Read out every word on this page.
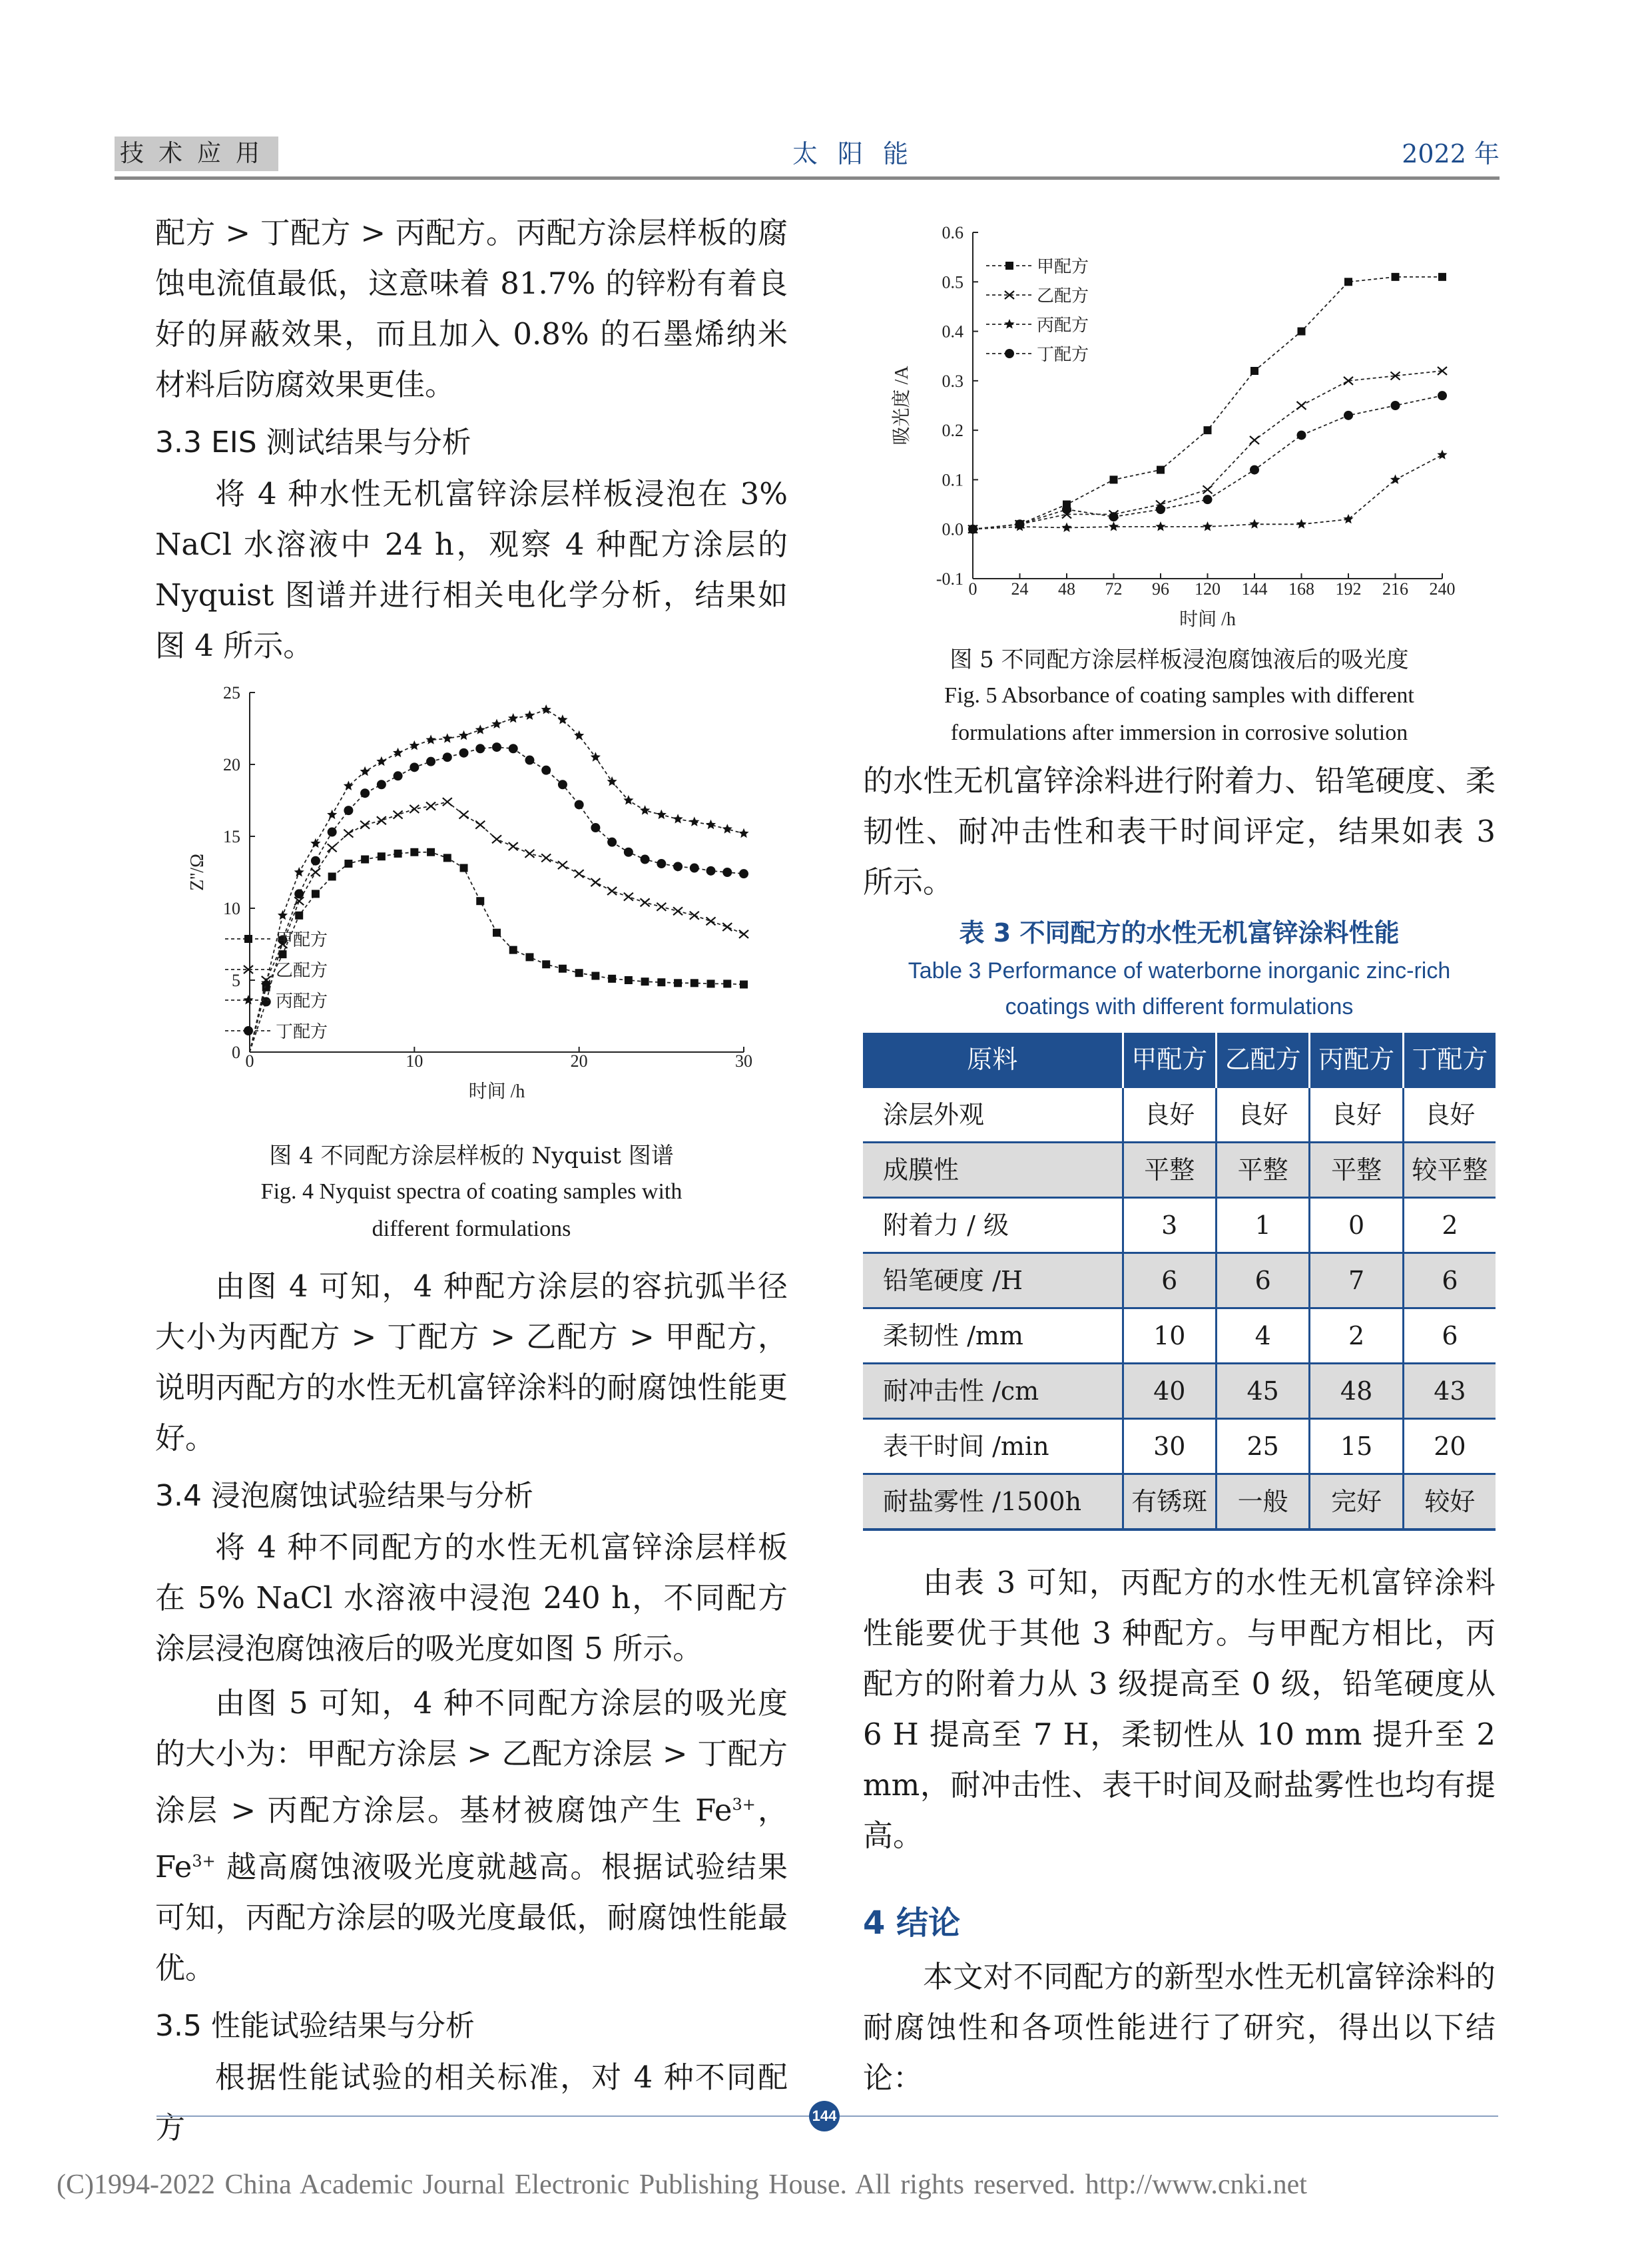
技术应用	太阳能	2022 年

配方 > 丁配方 > 丙配方。丙配方涂层样板的腐蚀电流值最低，这意味着 81.7% 的锌粉有着良好的屏蔽效果，而且加入 0.8% 的石墨烯纳米材料后防腐效果更佳。

3.3 EIS 测试结果与分析

将 4 种水性无机富锌涂层样板浸泡在 3% NaCl 水溶液中 24 h，观察 4 种配方涂层的 Nyquist 图谱并进行相关电化学分析，结果如图 4 所示。

0	10	20	30
0
5
10
15
20
25
时间 /h
Z''/Ω
甲配方
乙配方
丙配方
丁配方
图 4 不同配方涂层样板的 Nyquist 图谱
Fig. 4 Nyquist spectra of coating samples with
different formulations

由图 4 可知，4 种配方涂层的容抗弧半径大小为丙配方 > 丁配方 > 乙配方 > 甲配方，说明丙配方的水性无机富锌涂料的耐腐蚀性能更好。

3.4 浸泡腐蚀试验结果与分析

将 4 种不同配方的水性无机富锌涂层样板在 5% NaCl 水溶液中浸泡 240 h，不同配方涂层浸泡腐蚀液后的吸光度如图 5 所示。

由图 5 可知，4 种不同配方涂层的吸光度的大小为：甲配方涂层 > 乙配方涂层 > 丁配方涂层 > 丙配方涂层。基材被腐蚀产生 $Fe^{3+}$，$Fe^{3+}$ 越高腐蚀液吸光度就越高。根据试验结果可知，丙配方涂层的吸光度最低，耐腐蚀性能最优。

3.5 性能试验结果与分析

根据性能试验的相关标准，对 4 种不同配方

0 24 48 72 96 120 144 168 192 216 240
-0.1
0.0
0.1
0.2
0.3
0.4
0.5
0.6
时间 /h
吸光度 /A
甲配方
乙配方
丙配方
丁配方
图 5 不同配方涂层样板浸泡腐蚀液后的吸光度
Fig. 5 Absorbance of coating samples with different
formulations after immersion in corrosive solution

的水性无机富锌涂料进行附着力、铅笔硬度、柔韧性、耐冲击性和表干时间评定，结果如表 3 所示。

表 3 不同配方的水性无机富锌涂料性能
Table 3 Performance of waterborne inorganic zinc-rich
coatings with different formulations
原料	甲配方	乙配方	丙配方	丁配方
涂层外观	良好	良好	良好	良好
成膜性	平整	平整	平整	较平整
附着力 / 级	3	1	0	2
铅笔硬度 /H	6	6	7	6
柔韧性 /mm	10	4	2	6
耐冲击性 /cm	40	45	48	43
表干时间 /min	30	25	15	20
耐盐雾性 /1500h	有锈斑	一般	完好	较好

由表 3 可知，丙配方的水性无机富锌涂料性能要优于其他 3 种配方。与甲配方相比，丙配方的附着力从 3 级提高至 0 级，铅笔硬度从 6 H 提高至 7 H，柔韧性从 10 mm 提升至 2 mm，耐冲击性、表干时间及耐盐雾性也均有提高。

4 结论

本文对不同配方的新型水性无机富锌涂料的耐腐蚀性和各项性能进行了研究，得出以下结论：

144
(C)1994-2022 China Academic Journal Electronic Publishing House. All rights reserved. http://www.cnki.net
